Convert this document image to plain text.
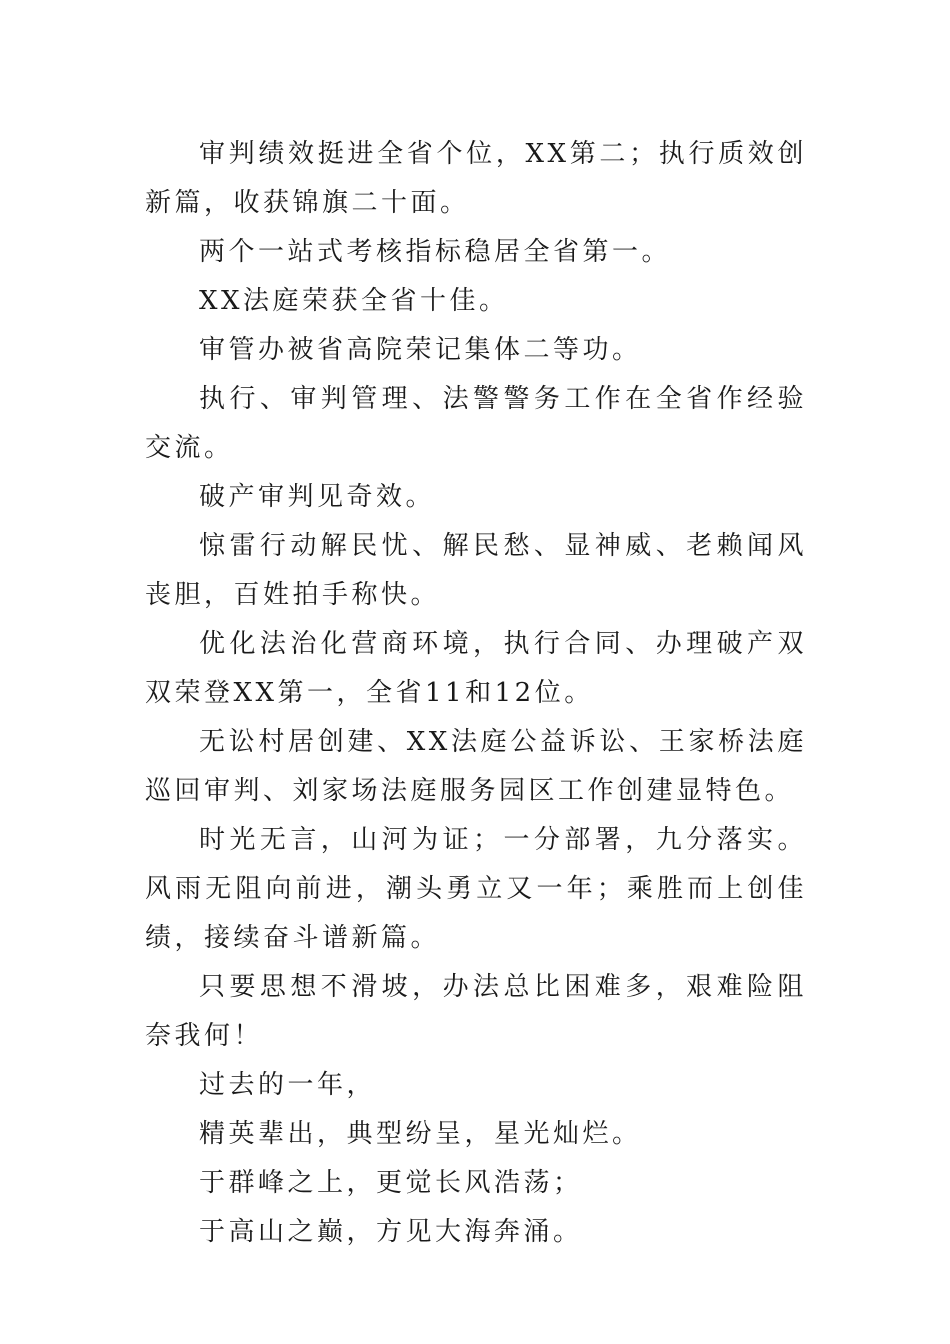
审判绩效挺进全省个位，XX第二；执行质效创新篇，收获锦旗二十面。

两个一站式考核指标稳居全省第一。

XX法庭荣获全省十佳。

审管办被省高院荣记集体二等功。

执行、审判管理、法警警务工作在全省作经验交流。

破产审判见奇效。

惊雷行动解民忧、解民愁、显神威、老赖闻风丧胆，百姓拍手称快。

优化法治化营商环境，执行合同、办理破产双双荣登XX第一，全省11和12位。

无讼村居创建、XX法庭公益诉讼、王家桥法庭巡回审判、刘家场法庭服务园区工作创建显特色。

时光无言，山河为证；一分部署，九分落实。风雨无阻向前进，潮头勇立又一年；乘胜而上创佳绩，接续奋斗谱新篇。

只要思想不滑坡，办法总比困难多，艰难险阻奈我何！

过去的一年，

精英辈出，典型纷呈，星光灿烂。

于群峰之上，更觉长风浩荡；

于高山之巅，方见大海奔涌。
